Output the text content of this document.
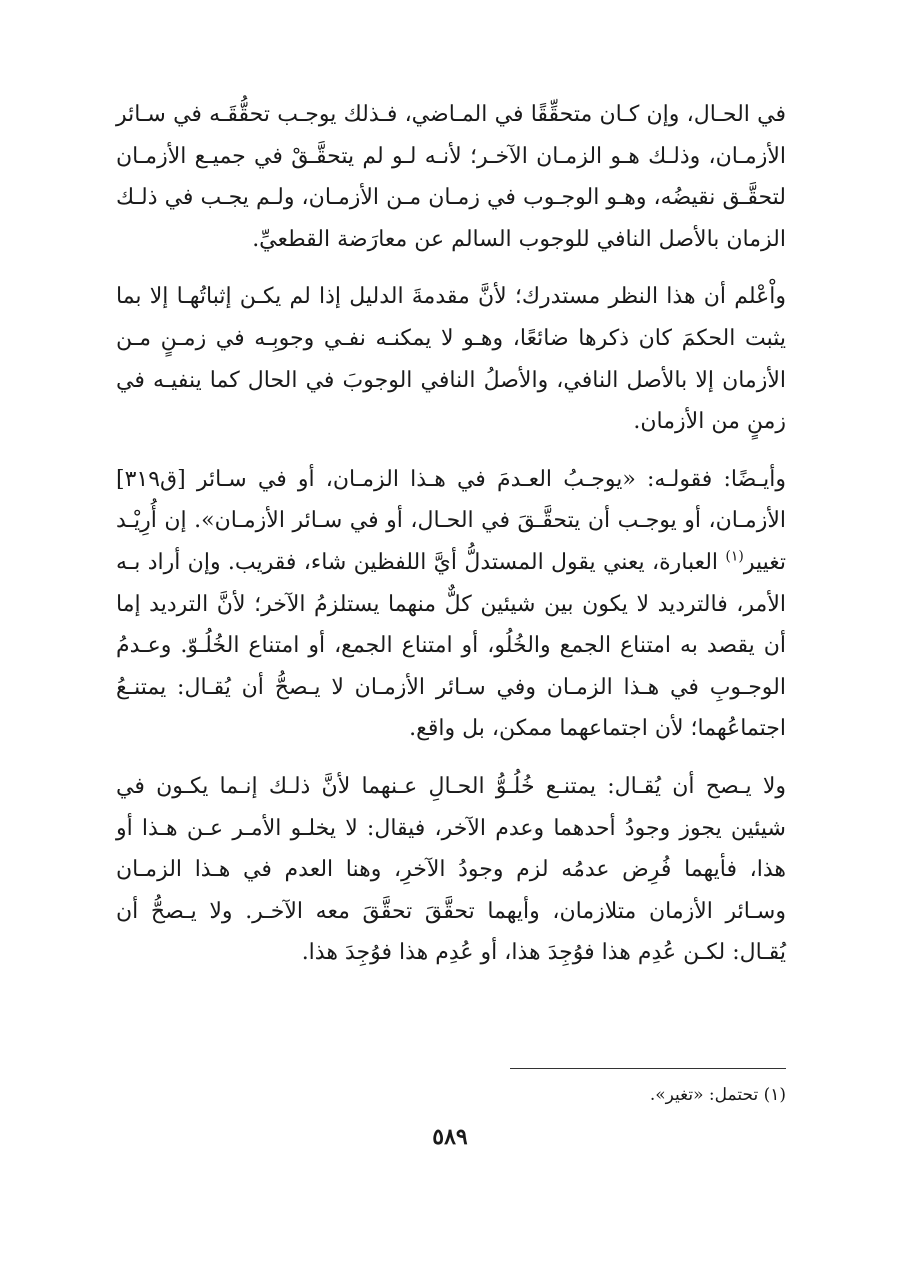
في الحـال، وإن كـان متحقِّقًا في المـاضي، فـذلك يوجـب تحقُّقَـه في سـائر الأزمـان، وذلـك هـو الزمـان الآخـر؛ لأنـه لـو لم يتحقَّـقْ في جميـع الأزمـان لتحقَّـق نقيضُه، وهـو الوجـوب في زمـان مـن الأزمـان، ولـم يجـب في ذلـك الزمان بالأصل النافي للوجوب السالم عن معارَضة القطعيِّ.

واْعْلم أن هذا النظر مستدرك؛ لأنَّ مقدمةَ الدليل إذا لم يكـن إثباتُهـا إلا بما يثبت الحكمَ كان ذكرها ضائعًا، وهـو لا يمكنـه نفـي وجوبِـه في زمـنٍ مـن الأزمان إلا بالأصل النافي، والأصلُ النافي الوجوبَ في الحال كما ينفيـه في زمنٍ من الأزمان.

وأيـضًا: فقولـه: «يوجـبُ العـدمَ في هـذا الزمـان، أو في سـائر [ق٣١٩] الأزمـان، أو يوجـب أن يتحقَّـقَ في الحـال، أو في سـائر الأزمـان». إن أُرِيْـد تغيير$^{(١)}$ العبارة، يعني يقول المستدلُّ أيَّ اللفظين شاء، فقريب. وإن أراد بـه الأمر، فالترديد لا يكون بين شيئين كلٌّ منهما يستلزمُ الآخر؛ لأنَّ الترديد إما أن يقصد به امتناع الجمع والخُلُو، أو امتناع الجمع، أو امتناع الخُلُـوّ. وعـدمُ الوجـوبِ في هـذا الزمـان وفي سـائر الأزمـان لا يـصحُّ أن يُقـال: يمتنـعُ اجتماعُهما؛ لأن اجتماعهما ممكن، بل واقع.

ولا يـصح أن يُقـال: يمتنـع خُلُـوُّ الحـالِ عـنهما لأنَّ ذلـك إنـما يكـون في شيئين يجوز وجودُ أحدهما وعدم الآخر، فيقال: لا يخلـو الأمـر عـن هـذا أو هذا، فأيهما فُرِض عدمُه لزم وجودُ الآخرِ، وهنا العدم في هـذا الزمـان وسـائر الأزمان متلازمان، وأيهما تحقَّقَ تحقَّقَ معه الآخـر. ولا يـصحُّ أن يُقـال: لكـن عُدِم هذا فوُجِدَ هذا، أو عُدِم هذا فوُجِدَ هذا.

(١) تحتمل: «تغير».
٥٨٩
